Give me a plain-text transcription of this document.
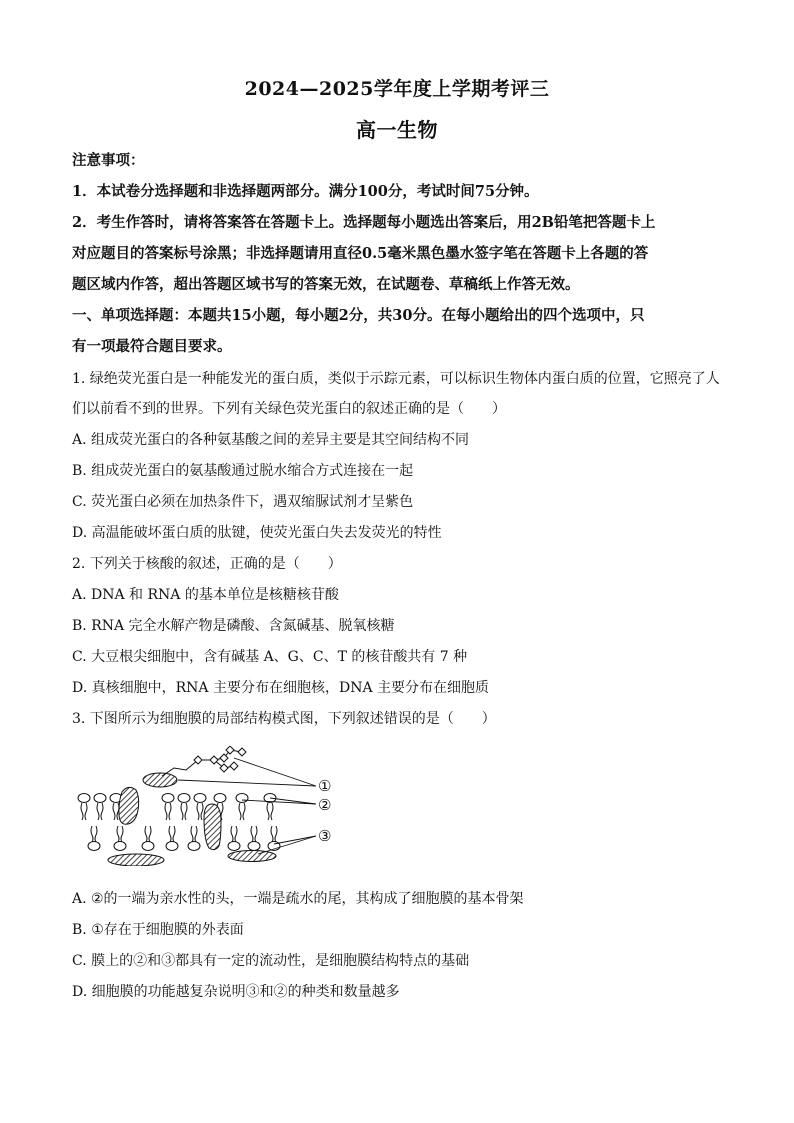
2024—2025学年度上学期考评三
高一生物
注意事项：
1．本试卷分选择题和非选择题两部分。满分100分，考试时间75分钟。
2．考生作答时，请将答案答在答题卡上。选择题每小题选出答案后，用2B铅笔把答题卡上
对应题目的答案标号涂黑；非选择题请用直径0.5毫米黑色墨水签字笔在答题卡上各题的答
题区域内作答，超出答题区域书写的答案无效，在试题卷、草稿纸上作答无效。
一、单项选择题：本题共15小题，每小题2分，共30分。在每小题给出的四个选项中，只
有一项最符合题目要求。
1. 绿绝荧光蛋白是一种能发光的蛋白质，类似于示踪元素，可以标识生物体内蛋白质的位置，它照亮了人
们以前看不到的世界。下列有关绿色荧光蛋白的叙述正确的是（　　）
A. 组成荧光蛋白的各种氨基酸之间的差异主要是其空间结构不同
B. 组成荧光蛋白的氨基酸通过脱水缩合方式连接在一起
C. 荧光蛋白必须在加热条件下，遇双缩脲试剂才呈紫色
D. 高温能破坏蛋白质的肽键，使荧光蛋白失去发荧光的特性
2. 下列关于核酸的叙述，正确的是（　　）
A. DNA 和 RNA 的基本单位是核糖核苷酸
B. RNA 完全水解产物是磷酸、含氮碱基、脱氧核糖
C. 大豆根尖细胞中，含有碱基 A、G、C、T 的核苷酸共有 7 种
D. 真核细胞中，RNA 主要分布在细胞核，DNA 主要分布在细胞质
3. 下图所示为细胞膜的局部结构模式图，下列叙述错误的是（　　）
①
②
③
A. ②的一端为亲水性的头，一端是疏水的尾，其构成了细胞膜的基本骨架
B. ①存在于细胞膜的外表面
C. 膜上的②和③都具有一定的流动性，是细胞膜结构特点的基础
D. 细胞膜的功能越复杂说明③和②的种类和数量越多
